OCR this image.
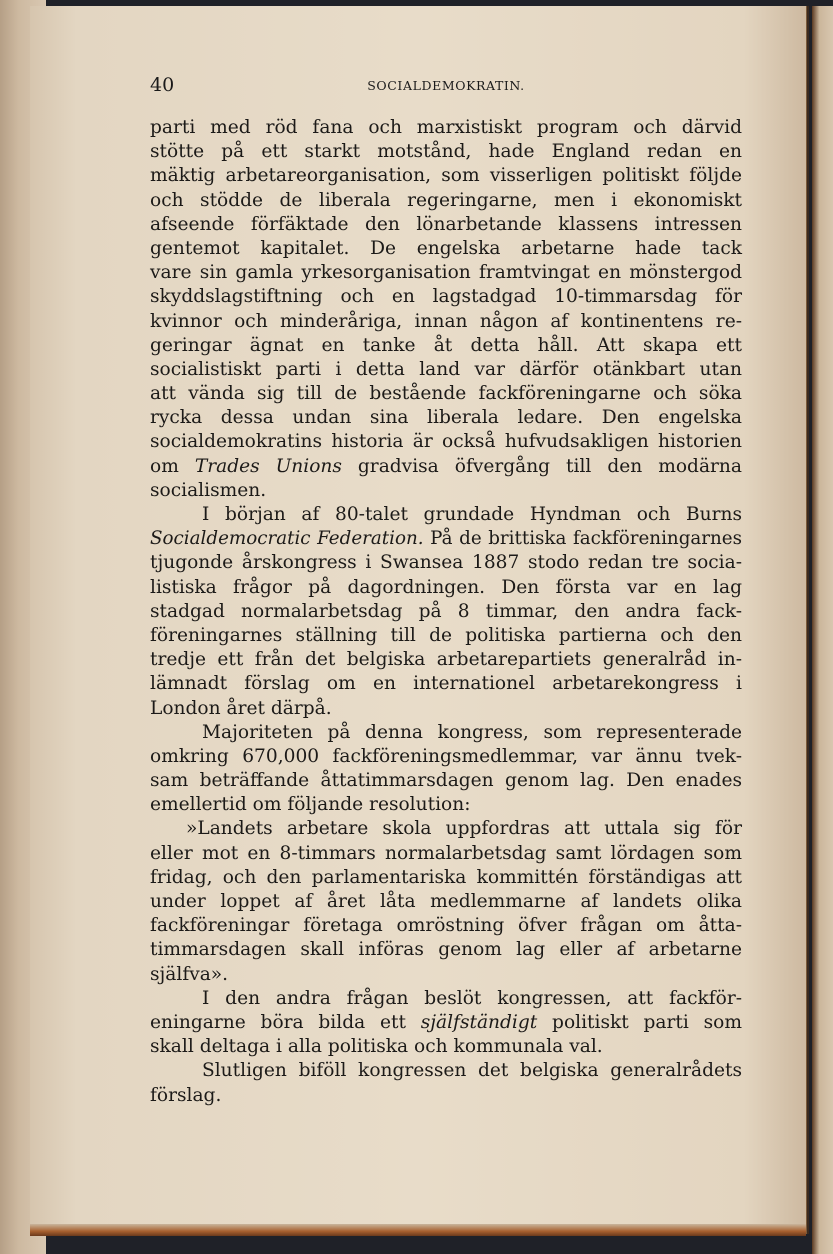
40	SOCIALDEMOKRATIN.
parti med röd fana och marxistiskt program och därvid
stötte på ett starkt motstånd, hade England redan en
mäktig arbetareorganisation, som visserligen politiskt följde
och stödde de liberala regeringarne, men i ekonomiskt
afseende förfäktade den lönarbetande klassens intressen
gentemot kapitalet. De engelska arbetarne hade tack
vare sin gamla yrkesorganisation framtvingat en mönstergod
skyddslagstiftning och en lagstadgad 10-timmarsdag för
kvinnor och minderåriga, innan någon af kontinentens re-
geringar ägnat en tanke åt detta håll. Att skapa ett
socialistiskt parti i detta land var därför otänkbart utan
att vända sig till de bestående fackföreningarne och söka
rycka dessa undan sina liberala ledare. Den engelska
socialdemokratins historia är också hufvudsakligen historien
om Trades Unions gradvisa öfvergång till den modärna
socialismen.
I början af 80-talet grundade Hyndman och Burns
Socialdemocratic Federation. På de brittiska fackföreningarnes
tjugonde årskongress i Swansea 1887 stodo redan tre socia-
listiska frågor på dagordningen. Den första var en lag
stadgad normalarbetsdag på 8 timmar, den andra fack-
föreningarnes ställning till de politiska partierna och den
tredje ett från det belgiska arbetarepartiets generalråd in-
lämnadt förslag om en internationel arbetarekongress i
London året därpå.
Majoriteten på denna kongress, som representerade
omkring 670,000 fackföreningsmedlemmar, var ännu tvek-
sam beträffande åttatimmarsdagen genom lag. Den enades
emellertid om följande resolution:
»Landets arbetare skola uppfordras att uttala sig för
eller mot en 8-timmars normalarbetsdag samt lördagen som
fridag, och den parlamentariska kommittén förständigas att
under loppet af året låta medlemmarne af landets olika
fackföreningar företaga omröstning öfver frågan om åtta-
timmarsdagen skall införas genom lag eller af arbetarne
själfva».
I den andra frågan beslöt kongressen, att fackför-
eningarne böra bilda ett själfständigt politiskt parti som
skall deltaga i alla politiska och kommunala val.
Slutligen biföll kongressen det belgiska generalrådets
förslag.
